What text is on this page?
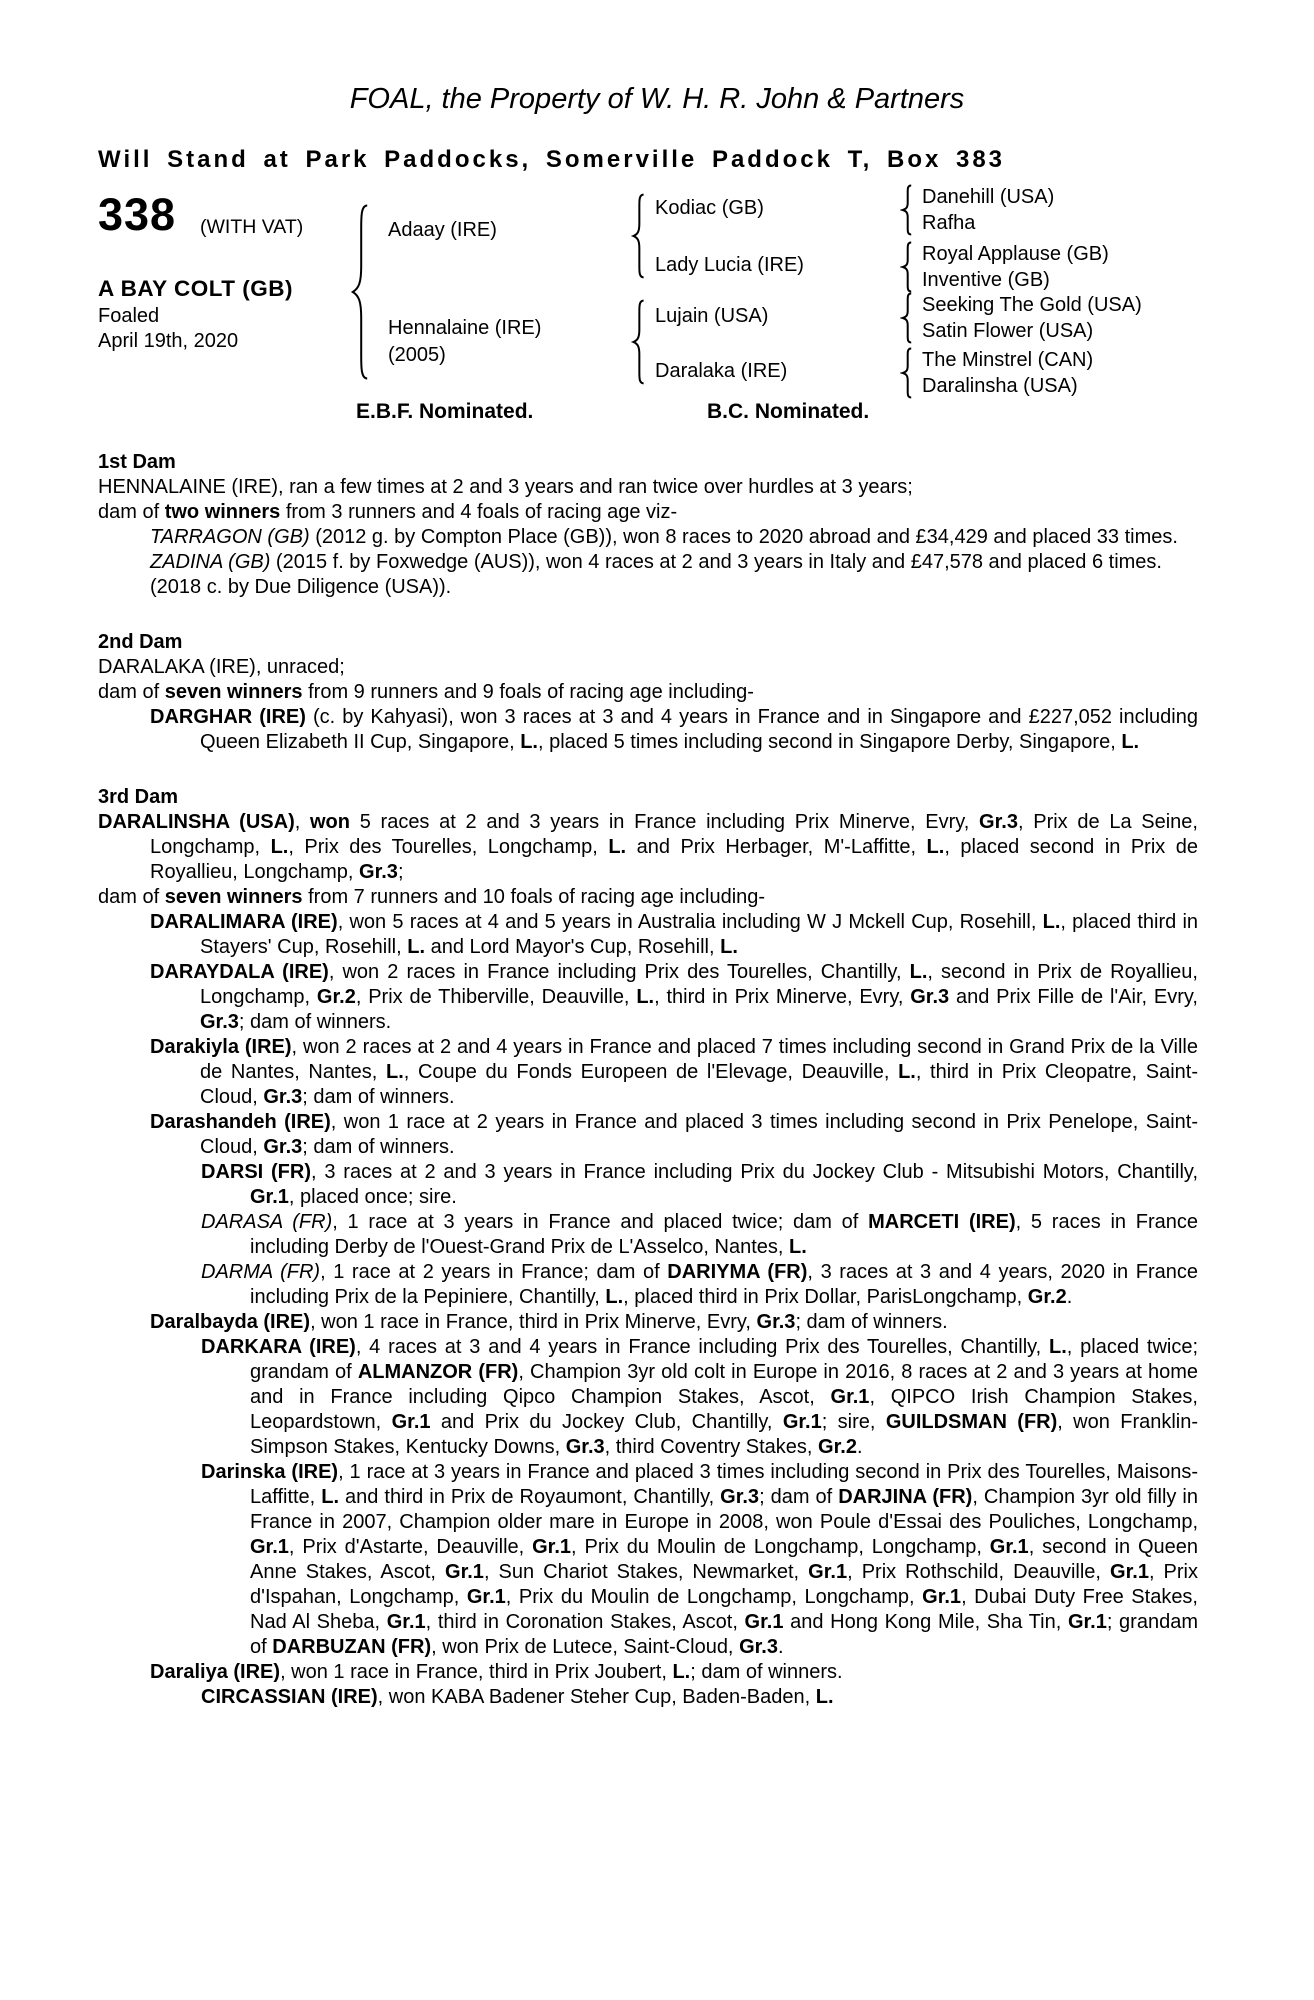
FOAL, the Property of W. H. R. John & Partners
Will Stand at Park Paddocks, Somerville Paddock T, Box 383
338 (WITH VAT)
A BAY COLT (GB)
Foaled
April 19th, 2020
Adaay (IRE)
Hennalaine (IRE)
(2005)
Kodiac (GB)
Lady Lucia (IRE)
Lujain (USA)
Daralaka (IRE)
Danehill (USA)
Rafha
Royal Applause (GB)
Inventive (GB)
Seeking The Gold (USA)
Satin Flower (USA)
The Minstrel (CAN)
Daralinsha (USA)
E.B.F. Nominated.	B.C. Nominated.
1st Dam
HENNALAINE (IRE), ran a few times at 2 and 3 years and ran twice over hurdles at 3 years;
dam of two winners from 3 runners and 4 foals of racing age viz-
TARRAGON (GB) (2012 g. by Compton Place (GB)), won 8 races to 2020 abroad and £34,429 and placed 33 times.
ZADINA (GB) (2015 f. by Foxwedge (AUS)), won 4 races at 2 and 3 years in Italy and £47,578 and placed 6 times.
(2018 c. by Due Diligence (USA)).
2nd Dam
DARALAKA (IRE), unraced;
dam of seven winners from 9 runners and 9 foals of racing age including-
DARGHAR (IRE) (c. by Kahyasi), won 3 races at 3 and 4 years in France and in Singapore and £227,052 including Queen Elizabeth II Cup, Singapore, L., placed 5 times including second in Singapore Derby, Singapore, L.
3rd Dam
DARALINSHA (USA), won 5 races at 2 and 3 years in France including Prix Minerve, Evry, Gr.3, Prix de La Seine, Longchamp, L., Prix des Tourelles, Longchamp, L. and Prix Herbager, M'-Laffitte, L., placed second in Prix de Royallieu, Longchamp, Gr.3;
dam of seven winners from 7 runners and 10 foals of racing age including-
DARALIMARA (IRE), won 5 races at 4 and 5 years in Australia including W J Mckell Cup, Rosehill, L., placed third in Stayers' Cup, Rosehill, L. and Lord Mayor's Cup, Rosehill, L.
DARAYDALA (IRE), won 2 races in France including Prix des Tourelles, Chantilly, L., second in Prix de Royallieu, Longchamp, Gr.2, Prix de Thiberville, Deauville, L., third in Prix Minerve, Evry, Gr.3 and Prix Fille de l'Air, Evry, Gr.3; dam of winners.
Darakiyla (IRE), won 2 races at 2 and 4 years in France and placed 7 times including second in Grand Prix de la Ville de Nantes, Nantes, L., Coupe du Fonds Europeen de l'Elevage, Deauville, L., third in Prix Cleopatre, Saint-Cloud, Gr.3; dam of winners.
Darashandeh (IRE), won 1 race at 2 years in France and placed 3 times including second in Prix Penelope, Saint-Cloud, Gr.3; dam of winners.
DARSI (FR), 3 races at 2 and 3 years in France including Prix du Jockey Club - Mitsubishi Motors, Chantilly, Gr.1, placed once; sire.
DARASA (FR), 1 race at 3 years in France and placed twice; dam of MARCETI (IRE), 5 races in France including Derby de l'Ouest-Grand Prix de L'Asselco, Nantes, L.
DARMA (FR), 1 race at 2 years in France; dam of DARIYMA (FR), 3 races at 3 and 4 years, 2020 in France including Prix de la Pepiniere, Chantilly, L., placed third in Prix Dollar, ParisLongchamp, Gr.2.
Daralbayda (IRE), won 1 race in France, third in Prix Minerve, Evry, Gr.3; dam of winners.
DARKARA (IRE), 4 races at 3 and 4 years in France including Prix des Tourelles, Chantilly, L., placed twice; grandam of ALMANZOR (FR), Champion 3yr old colt in Europe in 2016, 8 races at 2 and 3 years at home and in France including Qipco Champion Stakes, Ascot, Gr.1, QIPCO Irish Champion Stakes, Leopardstown, Gr.1 and Prix du Jockey Club, Chantilly, Gr.1; sire, GUILDSMAN (FR), won Franklin-Simpson Stakes, Kentucky Downs, Gr.3, third Coventry Stakes, Gr.2.
Darinska (IRE), 1 race at 3 years in France and placed 3 times including second in Prix des Tourelles, Maisons-Laffitte, L. and third in Prix de Royaumont, Chantilly, Gr.3; dam of DARJINA (FR), Champion 3yr old filly in France in 2007, Champion older mare in Europe in 2008, won Poule d'Essai des Pouliches, Longchamp, Gr.1, Prix d'Astarte, Deauville, Gr.1, Prix du Moulin de Longchamp, Longchamp, Gr.1, second in Queen Anne Stakes, Ascot, Gr.1, Sun Chariot Stakes, Newmarket, Gr.1, Prix Rothschild, Deauville, Gr.1, Prix d'Ispahan, Longchamp, Gr.1, Prix du Moulin de Longchamp, Longchamp, Gr.1, Dubai Duty Free Stakes, Nad Al Sheba, Gr.1, third in Coronation Stakes, Ascot, Gr.1 and Hong Kong Mile, Sha Tin, Gr.1; grandam of DARBUZAN (FR), won Prix de Lutece, Saint-Cloud, Gr.3.
Daraliya (IRE), won 1 race in France, third in Prix Joubert, L.; dam of winners.
CIRCASSIAN (IRE), won KABA Badener Steher Cup, Baden-Baden, L.
